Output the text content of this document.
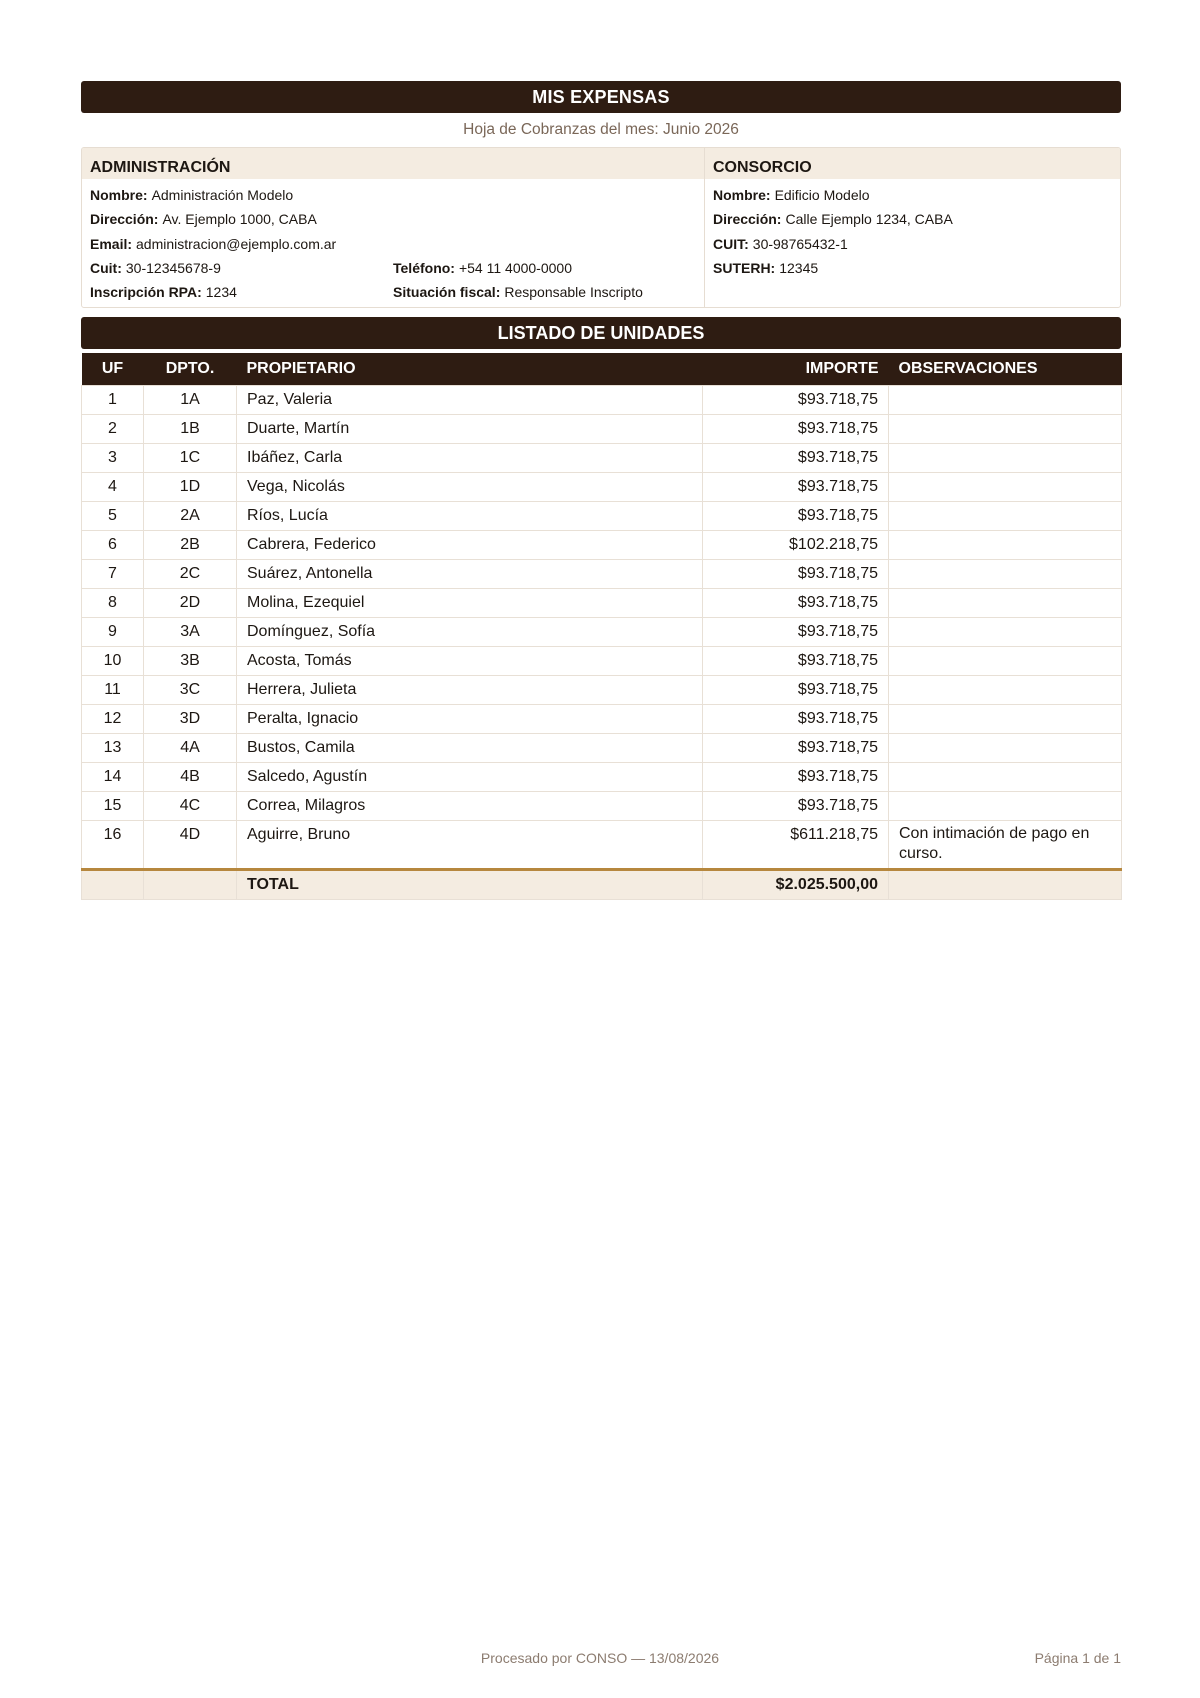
MIS EXPENSAS
Hoja de Cobranzas del mes: Junio 2026
ADMINISTRACIÓN
Nombre: Administración Modelo
Dirección: Av. Ejemplo 1000, CABA
Email: administracion@ejemplo.com.ar
Cuit: 30-12345678-9	Teléfono: +54 11 4000-0000
Inscripción RPA: 1234	Situación fiscal: Responsable Inscripto
CONSORCIO
Nombre: Edificio Modelo
Dirección: Calle Ejemplo 1234, CABA
CUIT: 30-98765432-1
SUTERH: 12345
LISTADO DE UNIDADES
UF	DPTO.	PROPIETARIO	IMPORTE	OBSERVACIONES
1	1A	Paz, Valeria	$93.718,75	
2	1B	Duarte, Martín	$93.718,75	
3	1C	Ibáñez, Carla	$93.718,75	
4	1D	Vega, Nicolás	$93.718,75	
5	2A	Ríos, Lucía	$93.718,75	
6	2B	Cabrera, Federico	$102.218,75	
7	2C	Suárez, Antonella	$93.718,75	
8	2D	Molina, Ezequiel	$93.718,75	
9	3A	Domínguez, Sofía	$93.718,75	
10	3B	Acosta, Tomás	$93.718,75	
11	3C	Herrera, Julieta	$93.718,75	
12	3D	Peralta, Ignacio	$93.718,75	
13	4A	Bustos, Camila	$93.718,75	
14	4B	Salcedo, Agustín	$93.718,75	
15	4C	Correa, Milagros	$93.718,75	
16	4D	Aguirre, Bruno	$611.218,75	Con intimación de pago en curso.
		TOTAL	$2.025.500,00	
Procesado por CONSO — 13/08/2026	Página 1 de 1
